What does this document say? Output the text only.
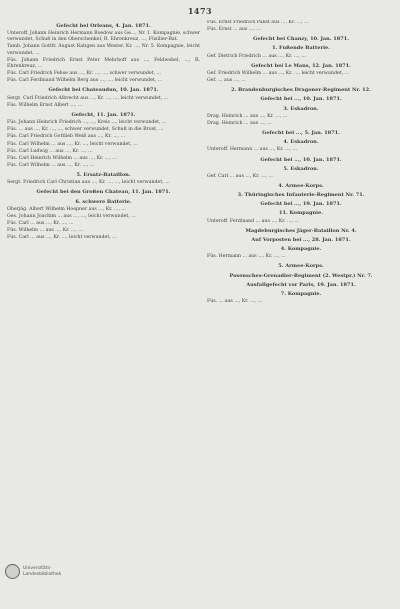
1473
Gefecht bei Orleans, 4. Jan. 1871.
Unteroff. Johann Heinrich Hermann Boedow aus Ge..., Nr. 1. Kompagnie, schwer verwundet, Schuß in den Oberschenkel, R. Ehrenkreuz, ..., Füsilier-Bat.
Tamb. Johann Gottfr. August Ratigen aus Wester, Kr. ..., Nr. 5. Kompagnie, leicht verwundet, ...
Füs. Johann Friedrich Ernst Peter Mehrhoff aus ..., Feldwebel, ..., R. Ehrenkreuz, ...
Füs. Carl Friedrich Fehse aus ..., Kr. ..., ..., schwer verwundet, ...
Füs. Carl Ferdinand Wilhelm Berg aus ..., ..., leicht verwundet, ...
Gefecht bei Chateaudun, 10. Jan. 1871.
Sergt. Carl Friedrich Albrecht aus ..., Kr. ..., ..., leicht verwundet, ...
Füs. Wilhelm Ernst Albert ..., ...
Gefecht, 11. Jan. 1871.
Füs. Johann Heinrich Friedrich ..., ..., Kreis ..., leicht verwundet, ...
Füs. ... aus ..., Kr. ..., ..., schwer verwundet, Schuß in die Brust, ...
Füs. Carl Friedrich Gottlieb Weiß aus ..., Kr. ..., ...
Füs. Carl Wilhelm ... aus ..., Kr. ..., leicht verwundet, ...
Füs. Carl Ludwig ... aus ..., Kr. ..., ...
Füs. Carl Heinrich Wilhelm ... aus ..., Kr. ..., ...
Füs. Carl Wilhelm ... aus ..., Kr. ..., ...
5. Ersatz-Bataillon.
Sergt. Friedrich Carl Christian aus ..., Kr. ..., ..., leicht verwundet, ...
Gefecht bei den Großen Chateau, 11. Jan. 1871.
6. schwere Batterie.
Oberjäg. Albert Wilhelm Hoepner aus ..., Kr. ..., ...
Ges. Johann Joachim ... aus ..., ..., leicht verwundet, ...
Füs. Carl ... aus ..., Kr. ..., ...
Füs. Wilhelm ... aus ..., Kr. ..., ...
Füs. Carl ... aus ..., Kr. ..., leicht verwundet, ...
Füs. Ernst Friedrich Pabst aus ..., Kr. ..., ...
Füs. Ernst ... aus ..., ...
Gefecht bei Chanzy, 10. Jan. 1871.
1. Fußende Batterie.
Gef. Dietrich Friedrich ... aus ..., Kr. ..., ...
Gefecht bei Le Mans, 12. Jan. 1871.
Gef. Friedrich Wilhelm ... aus ..., Kr. ..., leicht verwundet, ...
Gef. ... aus ..., ...
2. Brandenburgisches Dragoner-Regiment Nr. 12.
Gefecht bei ..., 10. Jan. 1871.
3. Eskadron.
Drag. Heinrich ... aus ..., Kr. ..., ...
Drag. Heinrich ... aus ..., ...
Gefecht bei ..., 5. Jan. 1871.
4. Eskadron.
Unteroff. Hermann ... aus ..., Kr. ..., ...
Gefecht bei ..., 10. Jan. 1871.
5. Eskadron.
Gef. Carl ... aus ..., Kr. ..., ...
4. Armee-Korps.
3. Thüringisches Infanterie-Regiment Nr. 71.
Gefecht bei ..., 19. Jan. 1871.
11. Kompagnie.
Unteroff. Ferdinand ... aus ..., Kr. ..., ...
Magdeburgisches Jäger-Bataillon Nr. 4.
Auf Vorposten bei ..., 28. Jan. 1871.
4. Kompagnie.
Füs. Hermann ... aus ..., Kr. ..., ...
5. Armee-Korps.
Posensches-Grenadier-Regiment (2. Westpr.) Nr. 7.
Ausfallgefecht vor Paris, 19. Jan. 1871.
7. Kompagnie.
Füs. ... aus ..., Kr. ..., ...
Universitäts-
Landesbibliothek
